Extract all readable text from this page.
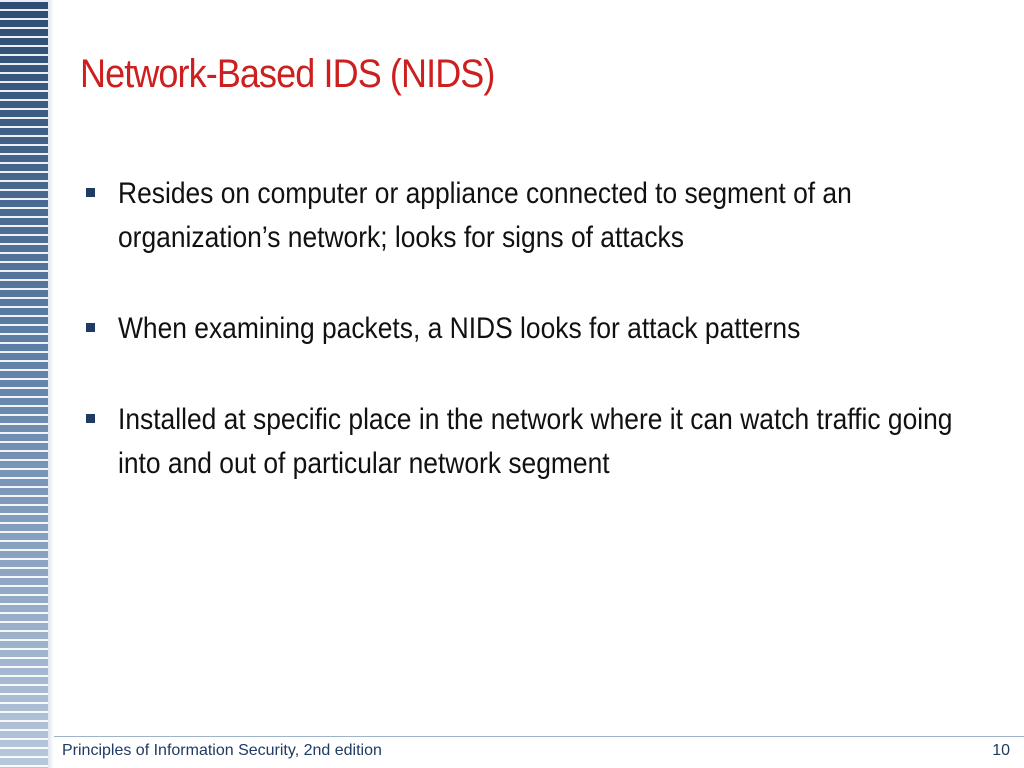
Network-Based IDS (NIDS)
Resides on computer or appliance connected to segment of an organization’s network; looks for signs of attacks
When examining packets, a NIDS looks for attack patterns
Installed at specific place in the network where it can watch traffic going into and out of particular network segment
Principles of Information Security, 2nd edition	10
